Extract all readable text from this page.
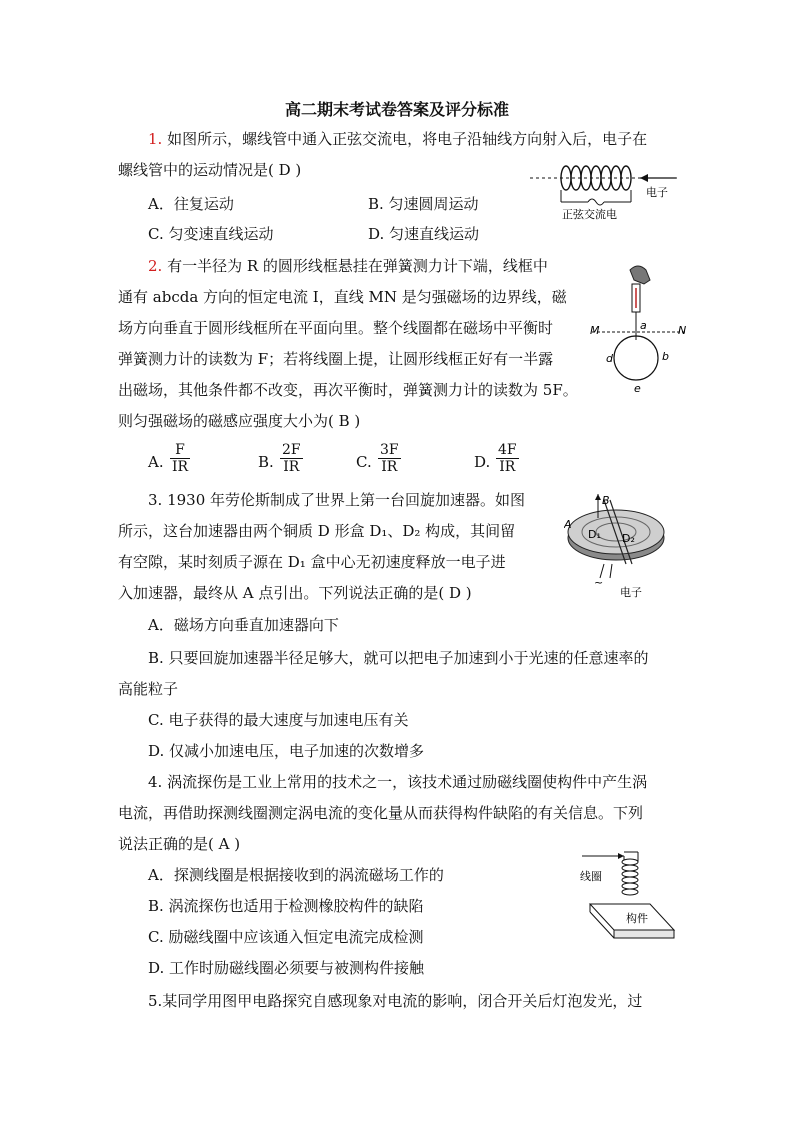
高二期末考试卷答案及评分标准
1. 如图所示，螺线管中通入正弦交流电，将电子沿轴线方向射入后，电子在
螺线管中的运动情况是( D )
A．往复运动	B. 匀速圆周运动
C. 匀变速直线运动	D. 匀速直线运动
电子
正弦交流电
2. 有一半径为 R 的圆形线框悬挂在弹簧测力计下端，线框中
通有 abcda 方向的恒定电流 I，直线 MN 是匀强磁场的边界线，磁
场方向垂直于圆形线框所在平面向里。整个线圈都在磁场中平衡时
弹簧测力计的读数为 F；若将线圈上提，让圆形线框正好有一半露
出磁场，其他条件都不改变，再次平衡时，弹簧测力计的读数为 5F。
则匀强磁场的磁感应强度大小为( B )
A. $\frac{F}{IR}$	B. $\frac{2F}{IR}$	C. $\frac{3F}{IR}$	D. $\frac{4F}{IR}$
M	N
a
b
d
e
3. 1930 年劳伦斯制成了世界上第一台回旋加速器。如图
所示，这台加速器由两个铜质 D 形盒 D₁、D₂ 构成，其间留
有空隙，某时刻质子源在 D₁ 盒中心无初速度释放一电子进
入加速器，最终从 A 点引出。下列说法正确的是( D )
A．磁场方向垂直加速器向下
B. 只要回旋加速器半径足够大，就可以把电子加速到小于光速的任意速率的
高能粒子
C. 电子获得的最大速度与加速电压有关
D. 仅减小加速电压，电子加速的次数增多
B
A
D₁ D₂
~
电子
4. 涡流探伤是工业上常用的技术之一，该技术通过励磁线圈使构件中产生涡
电流，再借助探测线圈测定涡电流的变化量从而获得构件缺陷的有关信息。下列
说法正确的是( A )
A．探测线圈是根据接收到的涡流磁场工作的
B. 涡流探伤也适用于检测橡胶构件的缺陷
C. 励磁线圈中应该通入恒定电流完成检测
D. 工作时励磁线圈必须要与被测构件接触
线圈
构件
5.某同学用图甲电路探究自感现象对电流的影响，闭合开关后灯泡发光，过
